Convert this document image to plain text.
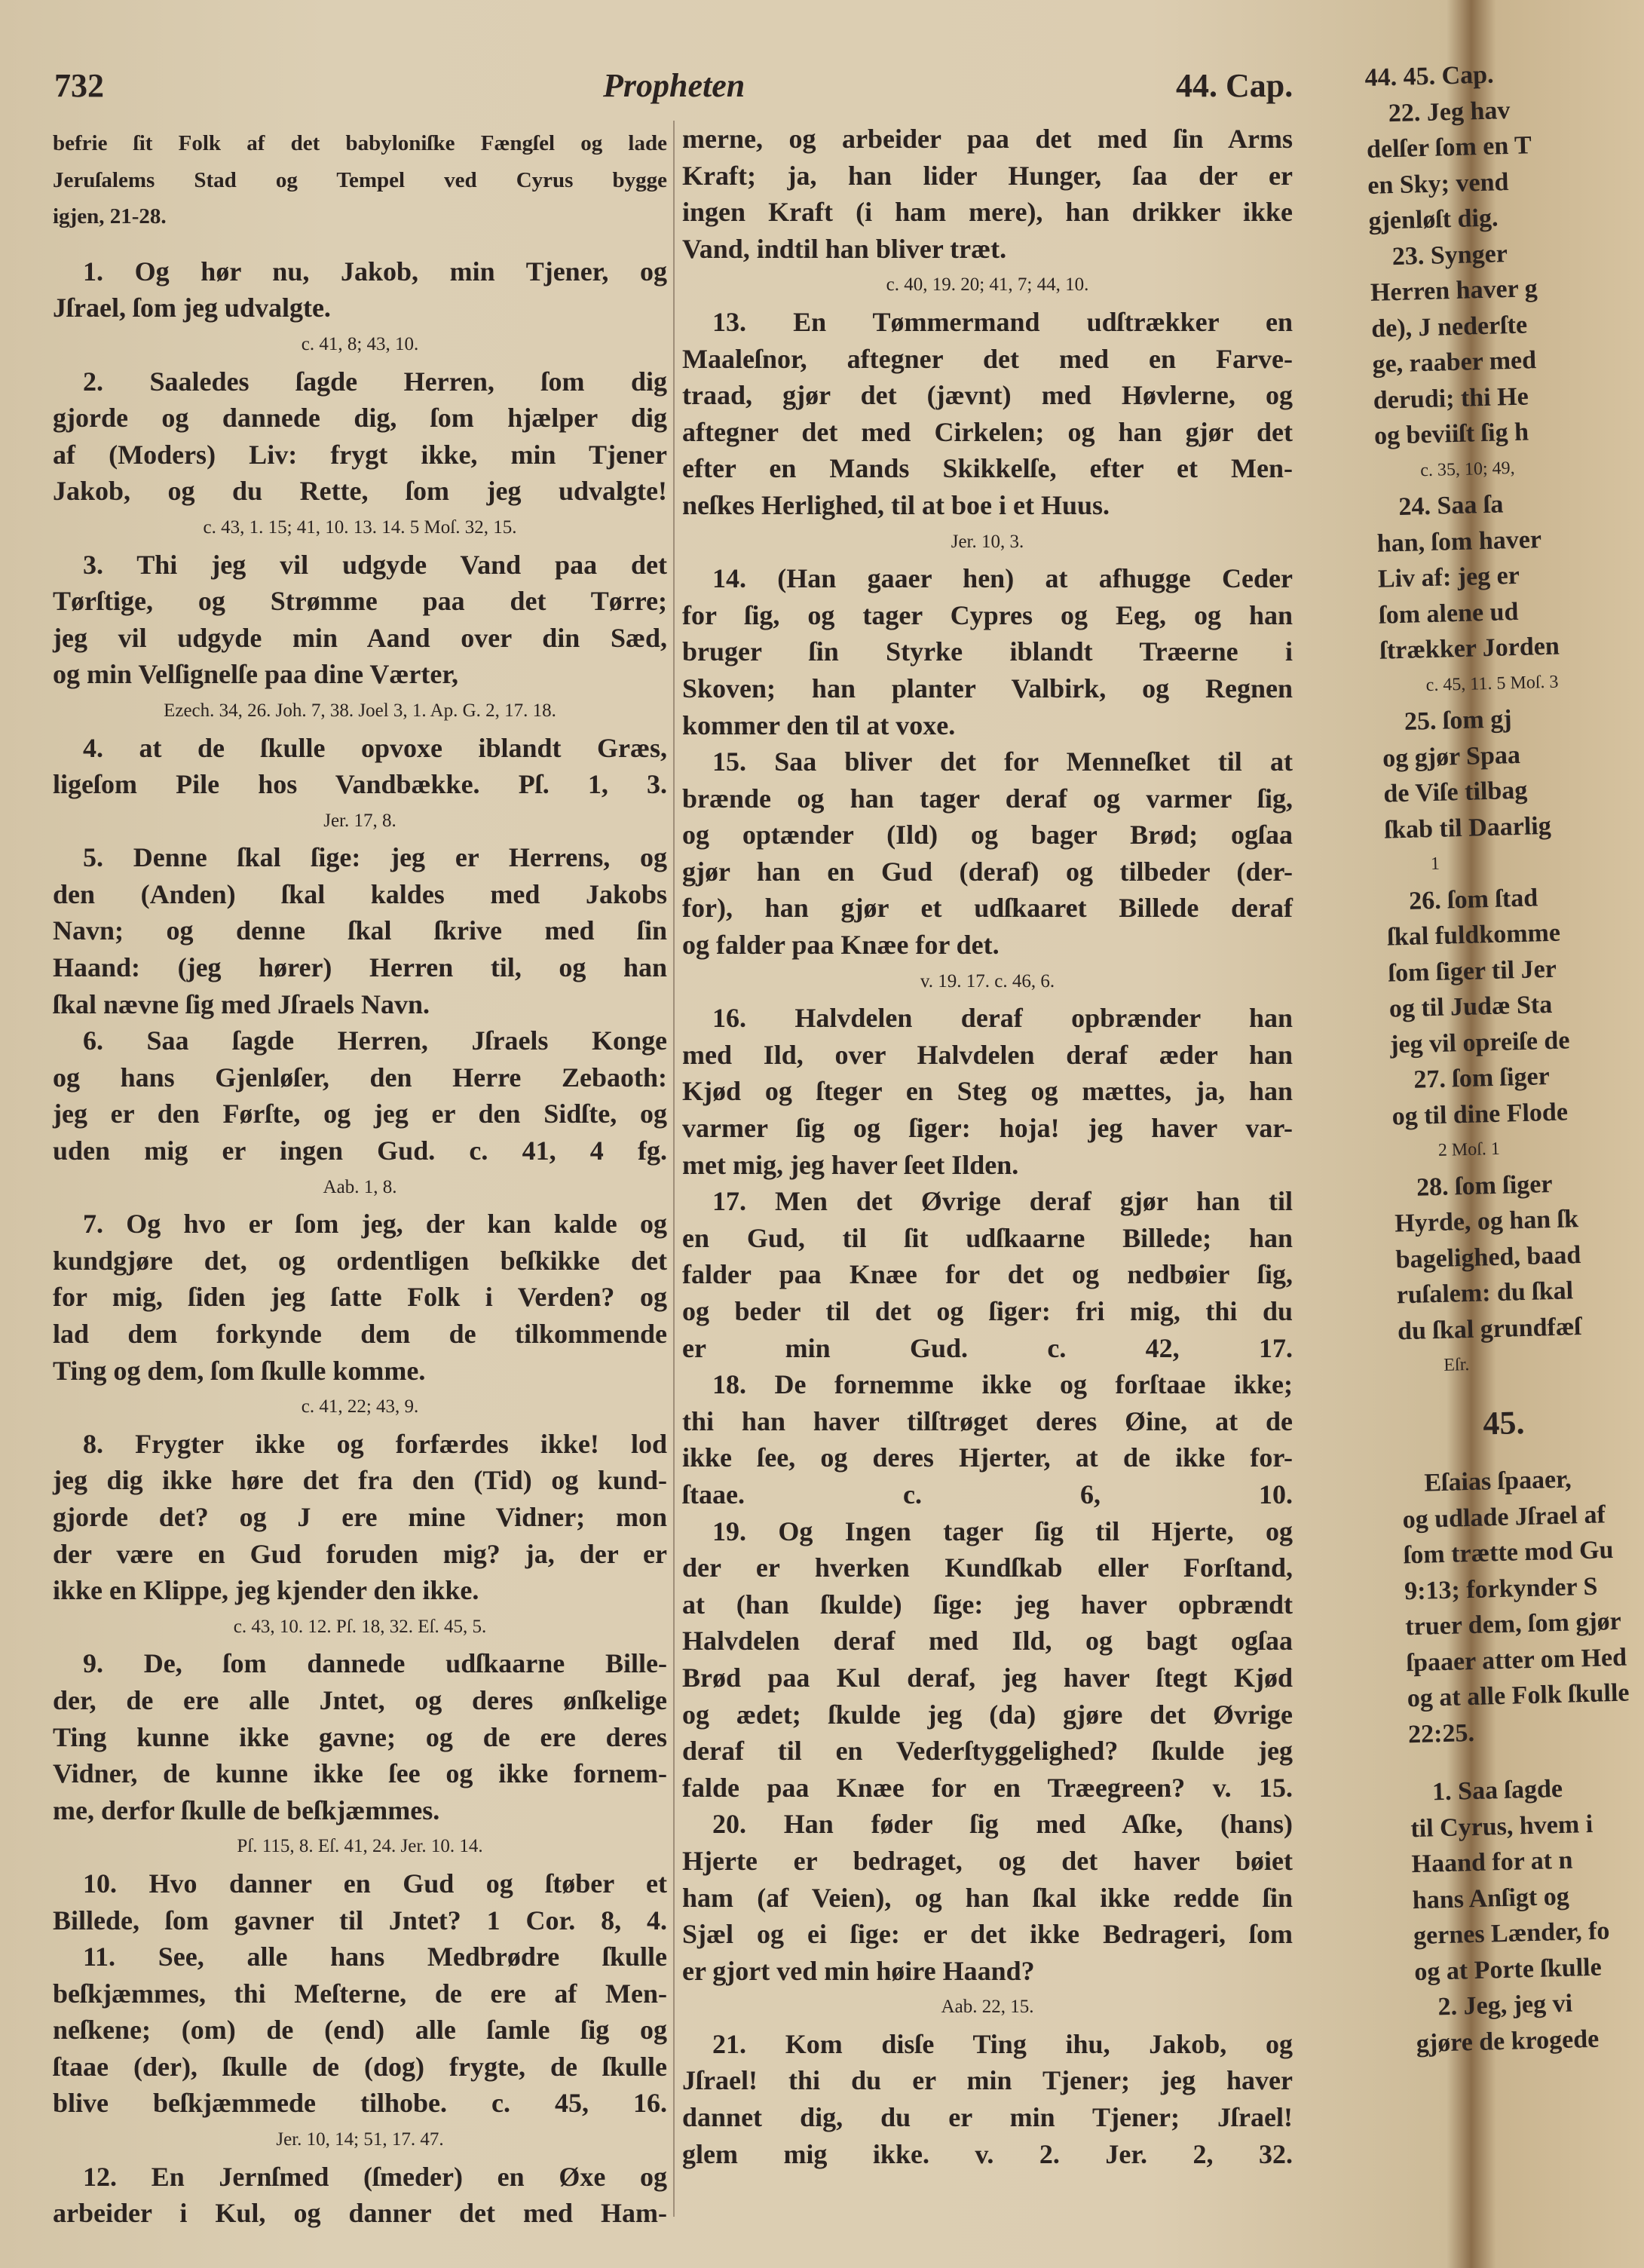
732	Propheten	44. Cap.
befrie ſit Folk af det babyloniſke Fængſel og lade
Jeruſalems Stad og Tempel ved Cyrus bygge
igjen, 21-28.
1. Og hør nu, Jakob, min Tjener, og
Jſrael, ſom jeg udvalgte.
c. 41, 8; 43, 10.
2. Saaledes ſagde Herren, ſom dig
gjorde og dannede dig, ſom hjælper dig
af (Moders) Liv: frygt ikke, min Tjener
Jakob, og du Rette, ſom jeg udvalgte!
c. 43, 1. 15; 41, 10. 13. 14. 5 Moſ. 32, 15.
3. Thi jeg vil udgyde Vand paa det
Tørſtige, og Strømme paa det Tørre;
jeg vil udgyde min Aand over din Sæd,
og min Velſignelſe paa dine Værter,
Ezech. 34, 26. Joh. 7, 38. Joel 3, 1. Ap. G. 2, 17. 18.
4. at de ſkulle opvoxe iblandt Græs,
ligeſom Pile hos Vandbække. Pſ. 1, 3.
Jer. 17, 8.
5. Denne ſkal ſige: jeg er Herrens, og
den (Anden) ſkal kaldes med Jakobs
Navn; og denne ſkal ſkrive med ſin
Haand: (jeg hører) Herren til, og han
ſkal nævne ſig med Jſraels Navn.
6. Saa ſagde Herren, Jſraels Konge
og hans Gjenløſer, den Herre Zebaoth:
jeg er den Førſte, og jeg er den Sidſte, og
uden mig er ingen Gud. c. 41, 4 fg.
Aab. 1, 8.
7. Og hvo er ſom jeg, der kan kalde og
kundgjøre det, og ordentligen beſkikke det
for mig, ſiden jeg ſatte Folk i Verden? og
lad dem forkynde dem de tilkommende
Ting og dem, ſom ſkulle komme.
c. 41, 22; 43, 9.
8. Frygter ikke og forfærdes ikke! lod
jeg dig ikke høre det fra den (Tid) og kund-
gjorde det? og J ere mine Vidner; mon
der være en Gud foruden mig? ja, der er
ikke en Klippe, jeg kjender den ikke.
c. 43, 10. 12. Pſ. 18, 32. Eſ. 45, 5.
9. De, ſom dannede udſkaarne Bille-
der, de ere alle Jntet, og deres ønſkelige
Ting kunne ikke gavne; og de ere deres
Vidner, de kunne ikke ſee og ikke fornem-
me, derfor ſkulle de beſkjæmmes.
Pſ. 115, 8. Eſ. 41, 24. Jer. 10. 14.
10. Hvo danner en Gud og ſtøber et
Billede, ſom gavner til Jntet? 1 Cor. 8, 4.
11. See, alle hans Medbrødre ſkulle
beſkjæmmes, thi Meſterne, de ere af Men-
neſkene; (om) de (end) alle ſamle ſig og
ſtaae (der), ſkulle de (dog) frygte, de ſkulle
blive beſkjæmmede tilhobe. c. 45, 16.
Jer. 10, 14; 51, 17. 47.
12. En Jernſmed (ſmeder) en Øxe og
arbeider i Kul, og danner det med Ham-
merne, og arbeider paa det med ſin Arms
Kraft; ja, han lider Hunger, ſaa der er
ingen Kraft (i ham mere), han drikker ikke
Vand, indtil han bliver træt.
c. 40, 19. 20; 41, 7; 44, 10.
13. En Tømmermand udſtrækker en
Maaleſnor, aftegner det med en Farve-
traad, gjør det (jævnt) med Høvlerne, og
aftegner det med Cirkelen; og han gjør det
efter en Mands Skikkelſe, efter et Men-
neſkes Herlighed, til at boe i et Huus.
Jer. 10, 3.
14. (Han gaaer hen) at afhugge Ceder
for ſig, og tager Cypres og Eeg, og han
bruger ſin Styrke iblandt Træerne i
Skoven; han planter Valbirk, og Regnen
kommer den til at voxe.
15. Saa bliver det for Menneſket til at
brænde og han tager deraf og varmer ſig,
og optænder (Ild) og bager Brød; ogſaa
gjør han en Gud (deraf) og tilbeder (der-
for), han gjør et udſkaaret Billede deraf
og falder paa Knæe for det.
v. 19. 17. c. 46, 6.
16. Halvdelen deraf opbrænder han
med Ild, over Halvdelen deraf æder han
Kjød og ſteger en Steg og mættes, ja, han
varmer ſig og ſiger: hoja! jeg haver var-
met mig, jeg haver ſeet Ilden.
17. Men det Øvrige deraf gjør han til
en Gud, til ſit udſkaarne Billede; han
falder paa Knæe for det og nedbøier ſig,
og beder til det og ſiger: fri mig, thi du
er min Gud. c. 42, 17.
18. De fornemme ikke og forſtaae ikke;
thi han haver tilſtrøget deres Øine, at de
ikke ſee, og deres Hjerter, at de ikke for-
ſtaae. c. 6, 10.
19. Og Ingen tager ſig til Hjerte, og
der er hverken Kundſkab eller Forſtand,
at (han ſkulde) ſige: jeg haver opbrændt
Halvdelen deraf med Ild, og bagt ogſaa
Brød paa Kul deraf, jeg haver ſtegt Kjød
og ædet; ſkulde jeg (da) gjøre det Øvrige
deraf til en Vederſtyggelighed? ſkulde jeg
falde paa Knæe for en Træegreen? v. 15.
20. Han føder ſig med Aſke, (hans)
Hjerte er bedraget, og det haver bøiet
ham (af Veien), og han ſkal ikke redde ſin
Sjæl og ei ſige: er det ikke Bedrageri, ſom
er gjort ved min høire Haand?
Aab. 22, 15.
21. Kom disſe Ting ihu, Jakob, og
Jſrael! thi du er min Tjener; jeg haver
dannet dig, du er min Tjener; Jſrael!
glem mig ikke. v. 2. Jer. 2, 32.
44. 45. Cap.
22. Jeg hav
delſer ſom en T
en Sky; vend
gjenløſt dig.
23. Synger
Herren haver g
de), J nederſte
ge, raaber med
derudi; thi He
og beviiſt ſig h
c. 35, 10; 49,
24. Saa ſa
han, ſom haver
Liv af: jeg er
ſom alene ud
ſtrækker Jorden
c. 45, 11. 5 Moſ. 3
25. ſom gj
og gjør Spaa
de Viſe tilbag
ſkab til Daarlig
1
26. ſom ſtad
ſkal fuldkomme
ſom ſiger til Jer
og til Judæ Sta
jeg vil opreiſe de
27. ſom ſiger
og til dine Flode
2 Moſ. 1
28. ſom ſiger
Hyrde, og han ſk
bagelighed, baad
ruſalem: du ſkal
du ſkal grundfæſ
Eſr.
45.
Eſaias ſpaaer,
og udlade Jſrael af
ſom trætte mod Gu
9:13; forkynder S
truer dem, ſom gjør
ſpaaer atter om Hed
og at alle Folk ſkulle
22:25.
1. Saa ſagde
til Cyrus, hvem i
Haand for at n
hans Anſigt og
gernes Lænder, fo
og at Porte ſkulle
2. Jeg, jeg vi
gjøre de krogede
